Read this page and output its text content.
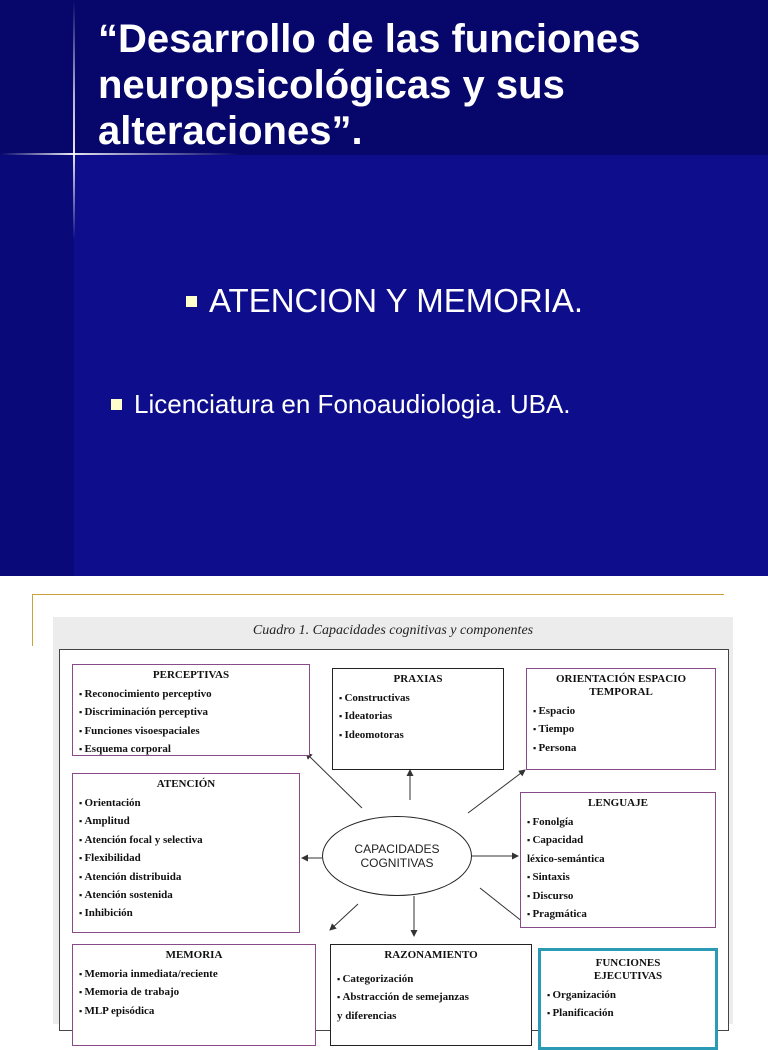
“Desarrollo de las funciones neuropsicológicas y sus alteraciones”.
ATENCION Y MEMORIA.
Licenciatura en Fonoaudiologia. UBA.
Cuadro 1. Capacidades cognitivas y componentes
CAPACIDADES COGNITIVAS
PERCEPTIVAS
▪ Reconocimiento perceptivo
▪ Discriminación perceptiva
▪ Funciones visoespaciales
▪ Esquema corporal
PRAXIAS
▪ Constructivas
▪ Ideatorias
▪ Ideomotoras
ORIENTACIÓN ESPACIO TEMPORAL
▪ Espacio
▪ Tiempo
▪ Persona
ATENCIÓN
▪ Orientación
▪ Amplitud
▪ Atención focal y selectiva
▪ Flexibilidad
▪ Atención distribuida
▪ Atención sostenida
▪ Inhibición
LENGUAJE
▪ Fonolgía
▪ Capacidad
léxico-semántica
▪ Sintaxis
▪ Discurso
▪ Pragmática
MEMORIA
▪ Memoria inmediata/reciente
▪ Memoria de trabajo
▪ MLP episódica
RAZONAMIENTO
▪ Categorización
▪ Abstracción de semejanzas
y diferencias
FUNCIONES EJECUTIVAS
▪ Organización
▪ Planificación
